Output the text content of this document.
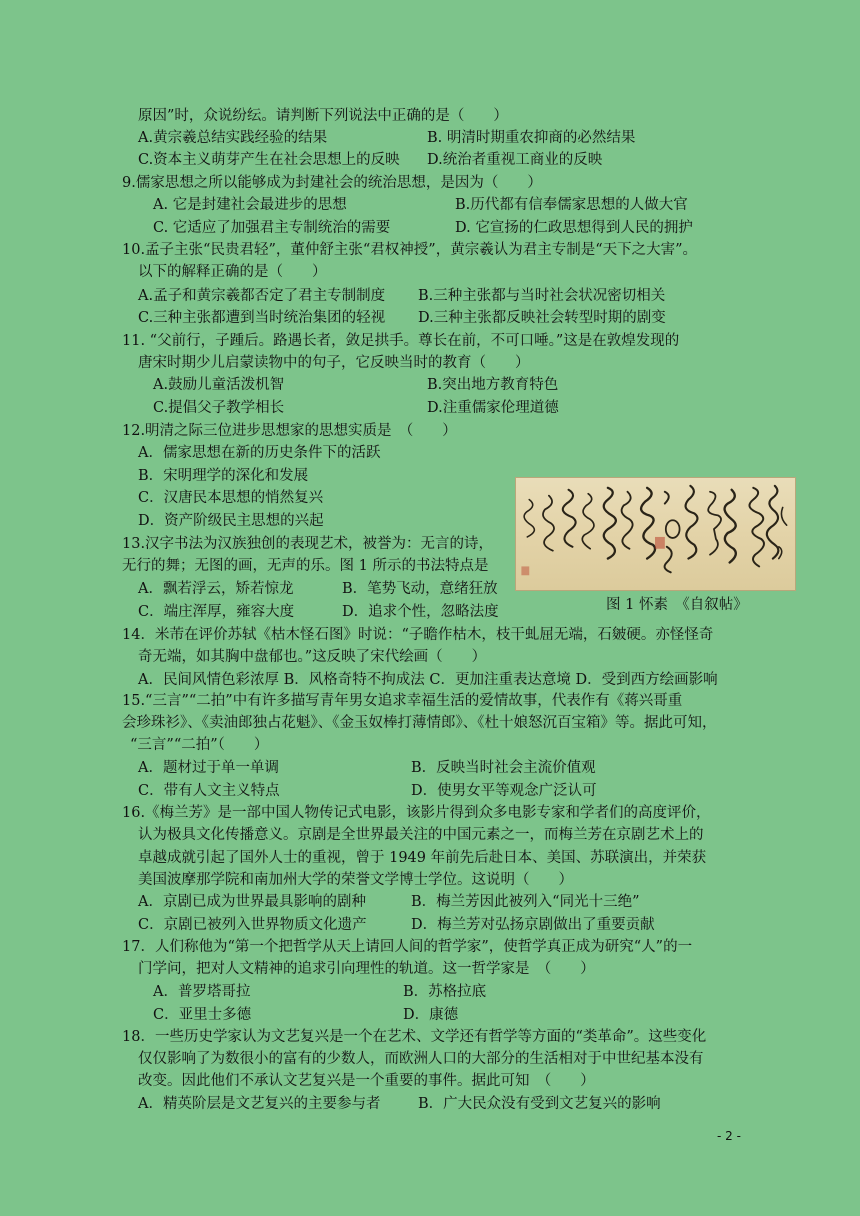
原因”时，众说纷纭。请判断下列说法中正确的是（　　）
A.黄宗羲总结实践经验的结果	B. 明清时期重农抑商的必然结果
C.资本主义萌芽产生在社会思想上的反映 D.统治者重视工商业的反映
9.儒家思想之所以能够成为封建社会的统治思想，是因为（　　）
A. 它是封建社会最进步的思想	B.历代都有信奉儒家思想的人做大官
C. 它适应了加强君主专制统治的需要	D. 它宣扬的仁政思想得到人民的拥护
10.孟子主张“民贵君轻”，董仲舒主张“君权神授”，黄宗羲认为君主专制是“天下之大害”。
以下的解释正确的是（　　）
A.孟子和黄宗羲都否定了君主专制制度 B.三种主张都与当时社会状况密切相关
C.三种主张都遭到当时统治集团的轻视 D.三种主张都反映社会转型时期的剧变
11. “父前行，子踵后。路遇长者，敛足拱手。尊长在前，不可口唾。”这是在敦煌发现的
唐宋时期少儿启蒙读物中的句子，它反映当时的教育（　　）
A.鼓励儿童活泼机智	B.突出地方教育特色
C.提倡父子教学相长	D.注重儒家伦理道德
12.明清之际三位进步思想家的思想实质是　（　　）
A．儒家思想在新的历史条件下的活跃
B．宋明理学的深化和发展
C．汉唐民本思想的悄然复兴
D．资产阶级民主思想的兴起
图 1 怀素　《自叙帖》
13.汉字书法为汉族独创的表现艺术，被誉为：无言的诗，
无行的舞；无图的画，无声的乐。图 1 所示的书法特点是
A．飘若浮云，矫若惊龙	B．笔势飞动，意绪狂放
C．端庄浑厚，雍容大度	D．追求个性，忽略法度
14．米芾在评价苏轼《枯木怪石图》时说：“子瞻作枯木，枝干虬屈无端，石皴硬。亦怪怪奇
奇无端，如其胸中盘郁也。”这反映了宋代绘画（　　）
A．民间风情色彩浓厚 B．风格奇特不拘成法 C．更加注重表达意境 D．受到西方绘画影响
15.“三言”“二拍”中有许多描写青年男女追求幸福生活的爱情故事，代表作有《蒋兴哥重
会珍珠衫》、《卖油郎独占花魁》、《金玉奴棒打薄情郎》、《杜十娘怒沉百宝箱》等。据此可知，
“三言”“二拍”（　　）
A．题材过于单一单调	B．反映当时社会主流价值观
C．带有人文主义特点	D．使男女平等观念广泛认可
16.《梅兰芳》是一部中国人物传记式电影，该影片得到众多电影专家和学者们的高度评价，
认为极具文化传播意义。京剧是全世界最关注的中国元素之一，而梅兰芳在京剧艺术上的
卓越成就引起了国外人士的重视，曾于 1949 年前先后赴日本、美国、苏联演出，并荣获
美国波摩那学院和南加州大学的荣誉文学博士学位。这说明（　　）
A．京剧已成为世界最具影响的剧种	B．梅兰芳因此被列入“同光十三绝”
C．京剧已被列入世界物质文化遗产	D．梅兰芳对弘扬京剧做出了重要贡献
17．人们称他为“第一个把哲学从天上请回人间的哲学家”，使哲学真正成为研究“人”的一
门学问，把对人文精神的追求引向理性的轨道。这一哲学家是　（　　）
A．普罗塔哥拉	B．苏格拉底
C．亚里士多德	D．康德
18．一些历史学家认为文艺复兴是一个在艺术、文学还有哲学等方面的“类革命”。这些变化
仅仅影响了为数很小的富有的少数人，而欧洲人口的大部分的生活相对于中世纪基本没有
改变。因此他们不承认文艺复兴是一个重要的事件。据此可知　（　　）
A．精英阶层是文艺复兴的主要参与者	B．广大民众没有受到文艺复兴的影响
- 2 -
